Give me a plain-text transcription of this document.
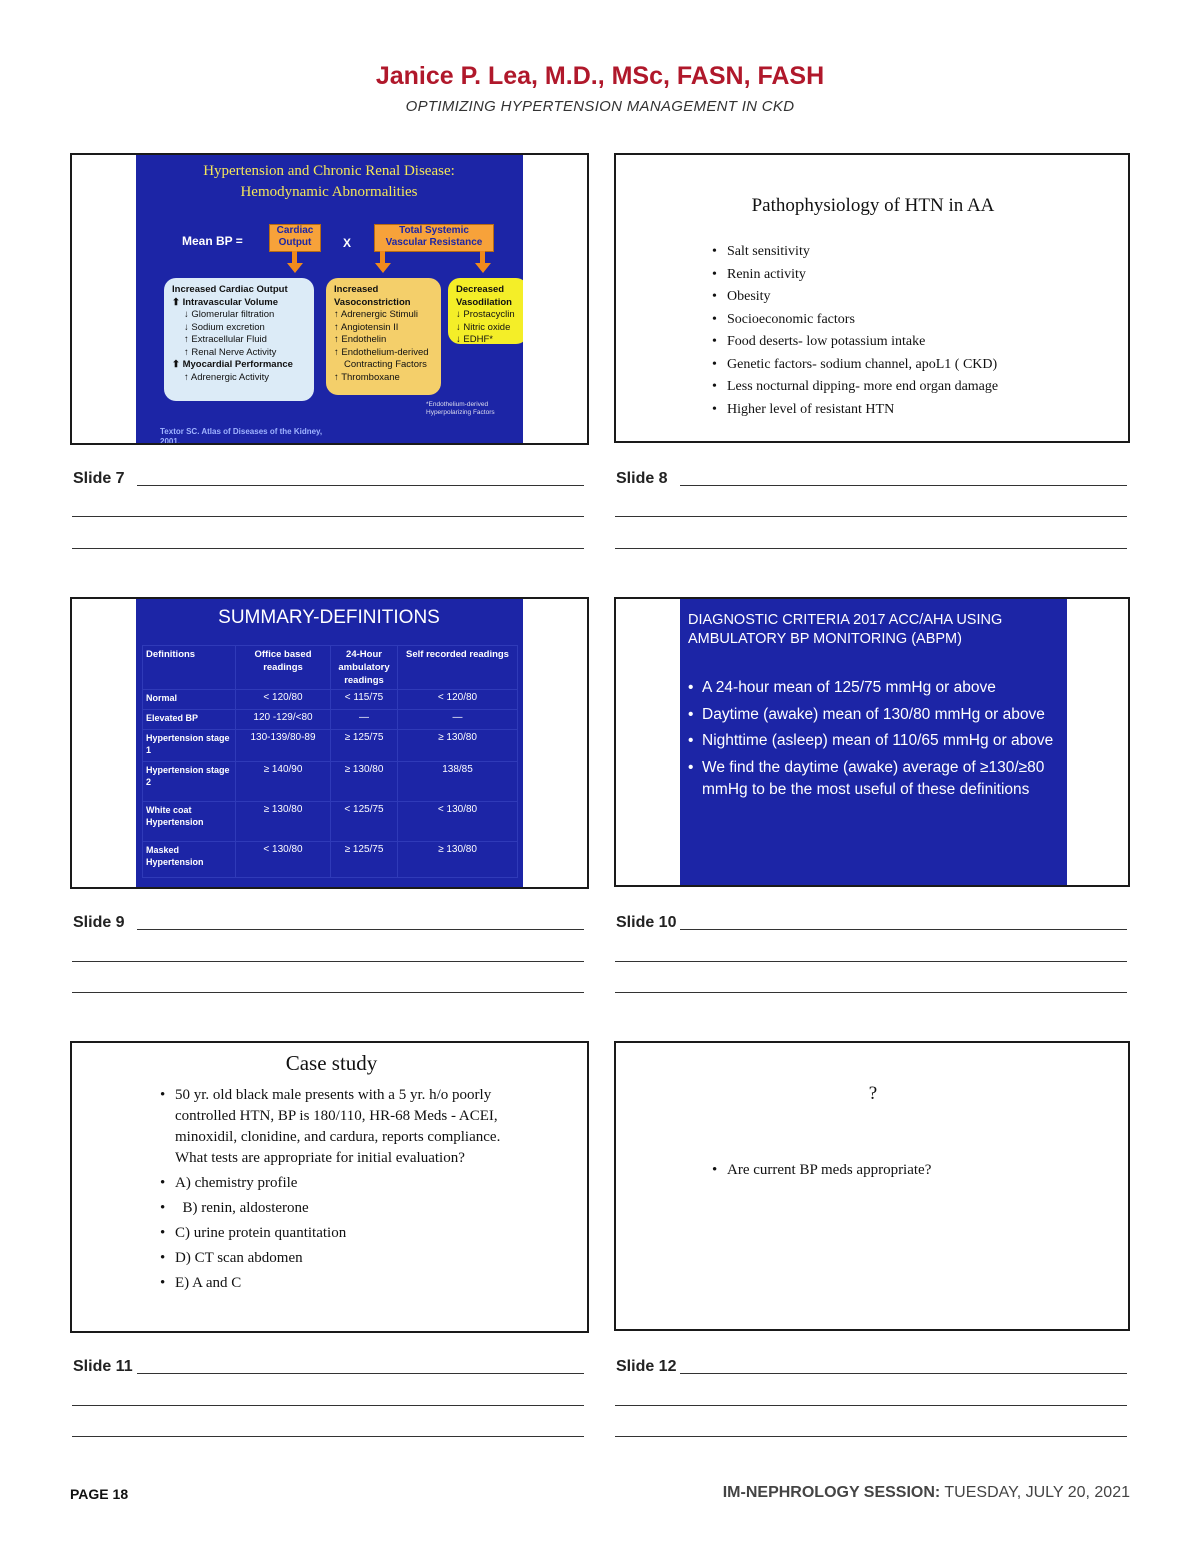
Janice P. Lea, M.D., MSc, FASN, FASH
OPTIMIZING HYPERTENSION MANAGEMENT IN CKD
Hypertension and Chronic Renal Disease:
Hemodynamic Abnormalities
Mean BP =
Cardiac
Output	X
Total Systemic
Vascular Resistance
Increased Cardiac Output
⬆ Intravascular Volume
↓ Glomerular filtration
↓ Sodium excretion
↑ Extracellular Fluid
↑ Renal Nerve Activity
⬆ Myocardial Performance
↑ Adrenergic Activity
Increased
Vasoconstriction
↑ Adrenergic Stimuli
↑ Angiotensin II
↑ Endothelin
↑ Endothelium-derived
Contracting Factors
↑ Thromboxane
Decreased
Vasodilation
↓ Prostacyclin
↓ Nitric oxide
↓ EDHF*
*Endothelium-derived
Hyperpolarizing Factors
Textor SC. Atlas of Diseases of the Kidney,
2001.
Slide 7
Pathophysiology of HTN in AA
• Salt sensitivity
• Renin activity
• Obesity
• Socioeconomic factors
• Food deserts- low potassium intake
• Genetic factors- sodium channel, apoL1 ( CKD)
• Less nocturnal dipping- more end organ damage
• Higher level of resistant HTN
Slide 8
SUMMARY-DEFINITIONS
Definitions	Office based readings	24-Hour ambulatory readings	Self recorded readings
Normal	< 120/80	< 115/75	< 120/80
Elevated BP	120 -129/<80	—	—
Hypertension stage 1	130-139/80-89	≥ 125/75	≥ 130/80
Hypertension stage 2	≥ 140/90	≥ 130/80	138/85
White coat Hypertension	≥ 130/80	< 125/75	< 130/80
Masked Hypertension	< 130/80	≥ 125/75	≥ 130/80
Slide 9
DIAGNOSTIC CRITERIA 2017 ACC/AHA USING
AMBULATORY BP MONITORING (ABPM)
• A 24-hour mean of 125/75 mmHg or above
• Daytime (awake) mean of 130/80 mmHg or above
• Nighttime (asleep) mean of 110/65 mmHg or above
• We find the daytime (awake) average of ≥130/≥80 mmHg to be the most useful of these definitions
Slide 10
Case study
• 50 yr. old black male presents with a 5 yr. h/o poorly controlled HTN, BP is 180/110, HR-68 Meds - ACEI, minoxidil, clonidine, and cardura, reports compliance. What tests are appropriate for initial evaluation?
• A) chemistry profile
•   B) renin, aldosterone
• C) urine protein quantitation
• D) CT scan abdomen
• E) A and C
Slide 11
?
• Are current BP meds appropriate?
Slide 12
PAGE 18	IM-NEPHROLOGY SESSION: TUESDAY, JULY 20, 2021
